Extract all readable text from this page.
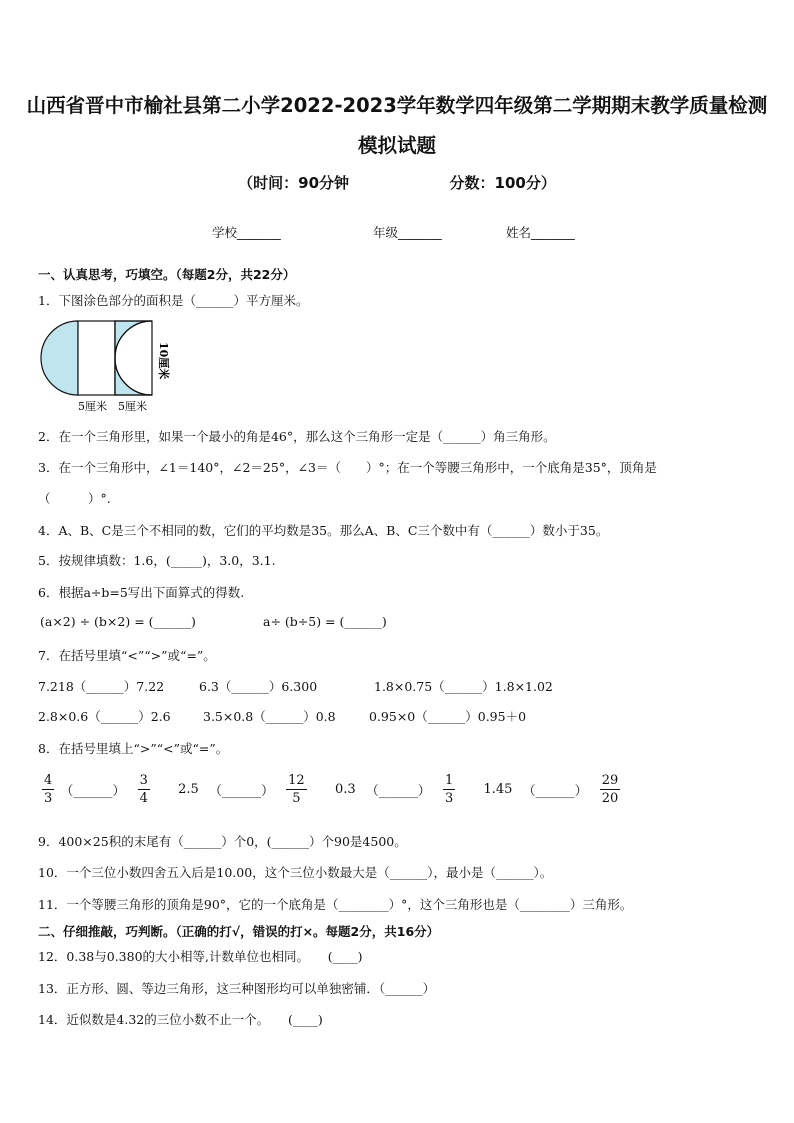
山西省晋中市榆社县第二小学2022-2023学年数学四年级第二学期期末教学质量检测
模拟试题
（时间：90分钟	分数：100分）
学校_______	年级_______	姓名_______
一、认真思考，巧填空。（每题2分，共22分）
1．下图涂色部分的面积是（______）平方厘米。
10厘米
5厘米 5厘米
2．在一个三角形里，如果一个最小的角是46°，那么这个三角形一定是（______）角三角形。
3．在一个三角形中，∠1＝140°，∠2＝25°，∠3＝（　　）°；在一个等腰三角形中，一个底角是35°，顶角是
（　　　）°.
4．A、B、C是三个不相同的数，它们的平均数是35。那么A、B、C三个数中有（______）数小于35。
5．按规律填数：1.6，(_____)，3.0，3.1.
6．根据a÷b=5写出下面算式的得数.
(a×2) ÷ (b×2) = (______)	a÷ (b÷5) = (______)
7．在括号里填“<”“>”或“=”。
7.218（______）7.22	6.3（______）6.300	1.8×0.75（______）1.8×1.02
2.8×0.6（______）2.6	3.5×0.8（______）0.8	0.95×0（______）0.95＋0
8．在括号里填上“>”“<”或“=”。
$\frac{4}{3}$ （______） $\frac{3}{4} 2.5$ （______） $\frac{12}{5} 0.3$ （______） $\frac{1}{3} 1.45$ （______） $\frac{29}{20}$
9．400×25积的末尾有（______）个0，(______）个90是4500。
10．一个三位小数四舍五入后是10.00，这个三位小数最大是（______），最小是（______）。
11．一个等腰三角形的顶角是90°，它的一个底角是（________）°，这个三角形也是（________）三角形。
二、仔细推敲，巧判断。（正确的打√，错误的打×。每题2分，共16分）
12．0.38与0.380的大小相等,计数单位也相同。　　(____)
13．正方形、圆、等边三角形，这三种图形均可以单独密铺．（______）
14．近似数是4.32的三位小数不止一个。　　(____)
